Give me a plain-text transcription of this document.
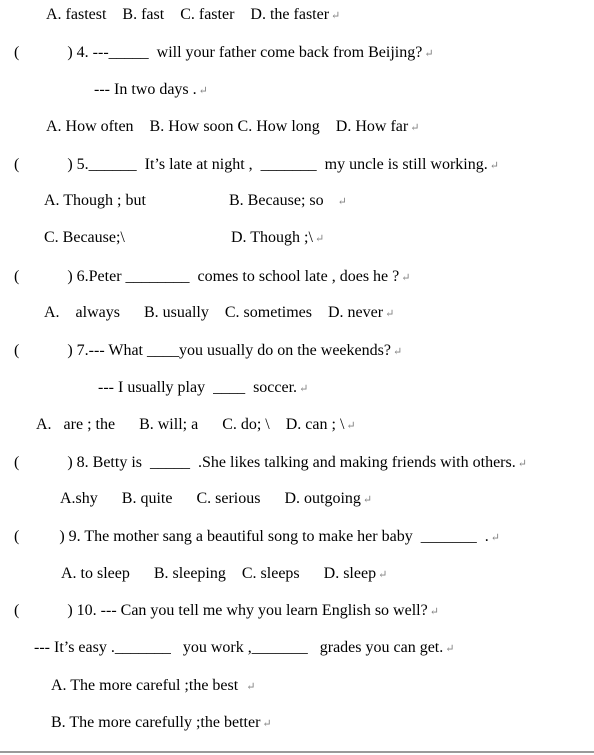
A. fastest    B. fast    C. faster    D. the faster ↵
(            ) 4. ---_____  will your father come back from Beijing? ↵
--- In two days . ↵
A. How often    B. How soon C. How long    D. How far ↵
(            ) 5.______  It’s late at night ,  _______  my uncle is still working. ↵
A. Though ; but	B. Because; so ↵
C. Because;\	D. Though ;\ ↵
(            ) 6.Peter ________  comes to school late , does he ? ↵
A.    always      B. usually    C. sometimes    D. never ↵
(            ) 7.--- What ____you usually do on the weekends? ↵
--- I usually play  ____  soccer. ↵
A.   are ; the      B. will; a      C. do; \    D. can ; \ ↵
(            ) 8. Betty is  _____  .She likes talking and making friends with others. ↵
A.shy      B. quite      C. serious      D. outgoing ↵
(          ) 9. The mother sang a beautiful song to make her baby  _______  . ↵
A. to sleep      B. sleeping    C. sleeps      D. sleep ↵
(            ) 10. --- Can you tell me why you learn English so well? ↵
--- It’s easy ._______   you work ,_______   grades you can get. ↵
A. The more careful ;the best ↵
B. The more carefully ;the better ↵
